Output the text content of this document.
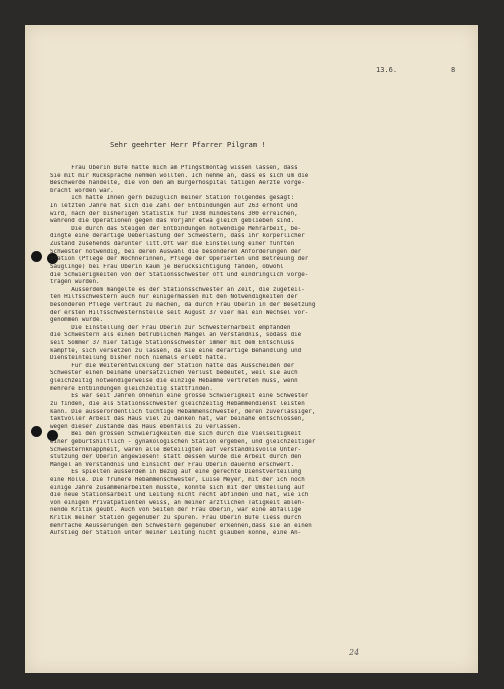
13.6.	8
Sehr geehrter Herr Pfarrer Pilgram !
Frau Oberin Bufe hatte mich am Pfingstmontag wissen lassen, dass
Sie mit mir Rücksprache nehmen wollten. Ich nehme an, dass es sich um die
Beschwerde handelte, die von den am Bürgerhospital tätigen Aerzte vorge-
bracht worden war.
Ich hätte Ihnen gern bezüglich meiner Station folgendes gesagt:
In letzten Jahre hat sich die Zahl der Entbindungen auf 263 erhöht und
wird, nach der bisherigen Statistik für 1938 mindestens 300 erreichen,
während die Operationen gegen das Vorjahr etwa gleich geblieben sind.
Die durch das Steigen der Entbindungen notwendige Mehrarbeit, be-
dingte eine derartige Ueberlastung der Schwestern, dass ihr körperlicher
Zustand zusehends darunter litt.Oft war die Einstellung einer fünften
Schwester notwendig, bei deren Auswahl die besonderen Anforderungen der
Station (Pflege der Wöchnerinnen, Pflege der Operierten und Betreuung der
Säuglinge) bei Frau Oberin kaum je Berücksichtigung fanden, obwohl
die Schwierigkeiten von der Stationsschwester oft und eindringlich vorge-
tragen wurden.
Ausserdem mangelte es der Stationsschwester an Zeit, die zugeteil-
ten Hilfsschwestern auch nur einigermassen mit den Notwendigkeiten der
besonderen Pflege vertraut zu machen, da durch Frau Oberin in der Besetzung
der ersten Hilfsschwesternstelle seit August 37 vier mal ein Wechsel vor-
genommen wurde.
Die Einstellung der Frau Oberin zur Schwesternarbeit empfanden
die Schwestern als einen betrüblichen Mangel an Verständnis, sodass die
seit Sommer 37 hier tätige Stationsschwester immer mit dem Entschluss
kämpfte, sich versetzen zu lassen, da sie eine derartige Behandlung und
Diensteinteilung bisher noch niemals erlebt hatte.
Für die Weiterentwicklung der Station hätte das Ausscheiden der
Schwester einen beinahe unersätzlichen Verlust bedeutet, weil sie auch
gleichzeitig notwendigerweise die einzige Hebamme vertreten muss, wenn
mehrere Entbindungen gleichzeitig stattfinden.
Es war seit Jahren ohnehin eine grosse Schwierigkeit eine Schwester
zu finden, die als Stationsschwester gleichzeitig Hebammendienst leisten
kann. Die ausserordentlich tüchtige Hebammenschwester, deren zuverlässiger,
taktvoller Arbeit das Haus viel zu danken hat, war beinahe entschlossen,
wegen dieser Zustände das Haus ebenfalls zu verlassen.
Bei den grossen Schwierigkeiten die sich durch die Vielseitigkeit
einer geburtshilflich - gynäkologischen Station ergeben, und gleichzeitiger
Schwesternknappheit, wären alle Beteiligten auf verständnisvolle Unter-
stützung der Oberin angewiesen! statt dessen wurde die Arbeit durch den
Mangel an Verständnis und Einsicht der Frau Oberin dauernd erschwert.
Es spielten ausserdem in Bezug auf eine gerechte Dienstverteilung
eine Rolle. Die frühere Hebammenschwester, Luise Meyer, mit der ich noch
einige Jahre zusammenarbeiten musste, konnte sich mit der Umstellung auf
die neue Stationsarbeit und Leitung nicht recht abfinden und hat, wie ich
von einigen Privatpatienten weiss, an meiner ärztlichen Tätigkeit ableh-
nende Kritik geübt. Auch von Seiten der Frau Oberin, war eine abfällige
Kritik meiner Station gegenüber zu spüren. Frau Oberin Bufe liess durch
mehrfache Aeusserungen den Schwestern gegenüber erkennen,dass sie an einen
Aufstieg der Station unter meiner Leitung nicht glauben könne, eine An-
24
